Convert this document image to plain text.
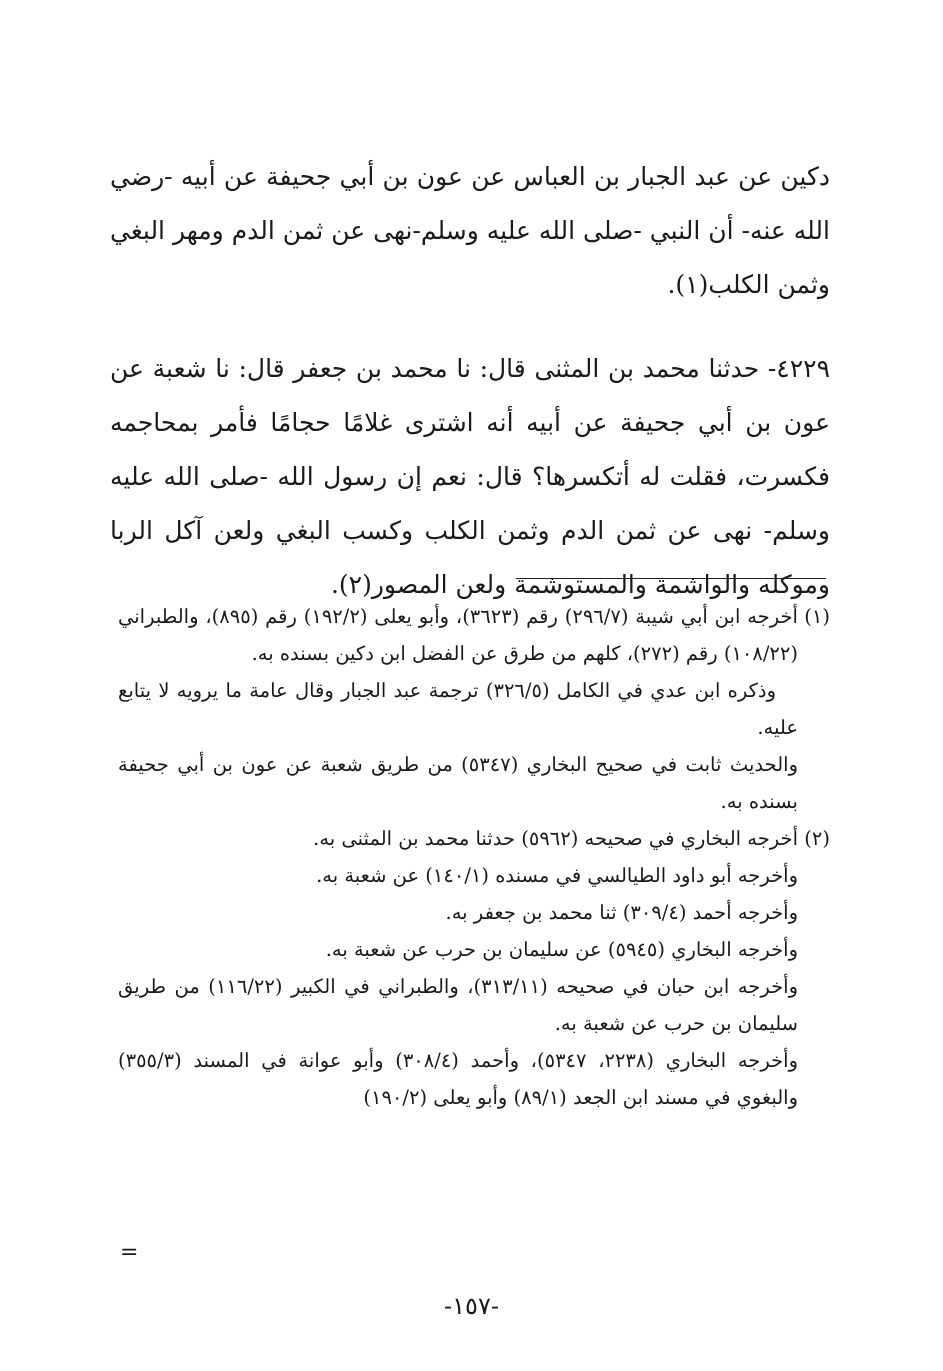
دكين عن عبد الجبار بن العباس عن عون بن أبي جحيفة عن أبيه -رضي الله عنه- أن النبي -صلى الله عليه وسلم-نهى عن ثمن الدم ومهر البغي وثمن الكلب(١).

٤٢٢٩- حدثنا محمد بن المثنى قال: نا محمد بن جعفر قال: نا شعبة عن عون بن أبي جحيفة عن أبيه أنه اشترى غلامًا حجامًا فأمر بمحاجمه فكسرت، فقلت له أتكسرها؟ قال: نعم إن رسول الله -صلى الله عليه وسلم- نهى عن ثمن الدم وثمن الكلب وكسب البغي ولعن آكل الربا وموكله والواشمة والمستوشمة ولعن المصور(٢).

(١)

أخرجه ابن أبي شيبة (٢٩٦/٧) رقم (٣٦٢٣)، وأبو يعلى (١٩٢/٢) رقم (٨٩٥)، والطبراني (١٠٨/٢٢) رقم (٢٧٢)، كلهم من طرق عن الفضل ابن دكين بسنده به.

وذكره ابن عدي في الكامل (٣٢٦/٥) ترجمة عبد الجبار وقال عامة ما يرويه لا يتابع عليه.

والحديث ثابت في صحيح البخاري (٥٣٤٧) من طريق شعبة عن عون بن أبي جحيفة بسنده به.

(٢)

أخرجه البخاري في صحيحه (٥٩٦٢) حدثنا محمد بن المثنى به.

وأخرجه أبو داود الطيالسي في مسنده (١٤٠/١) عن شعبة به.

وأخرجه أحمد (٣٠٩/٤) ثنا محمد بن جعفر به.

وأخرجه البخاري (٥٩٤٥) عن سليمان بن حرب عن شعبة به.

وأخرجه ابن حبان في صحيحه (٣١٣/١١)، والطبراني في الكبير (١١٦/٢٢) من طريق سليمان بن حرب عن شعبة به.

وأخرجه البخاري (٢٢٣٨، ٥٣٤٧)، وأحمد (٣٠٨/٤) وأبو عوانة في المسند (٣٥٥/٣) والبغوي في مسند ابن الجعد (٨٩/١) وأبو يعلى (١٩٠/٢)

=
-١٥٧-
